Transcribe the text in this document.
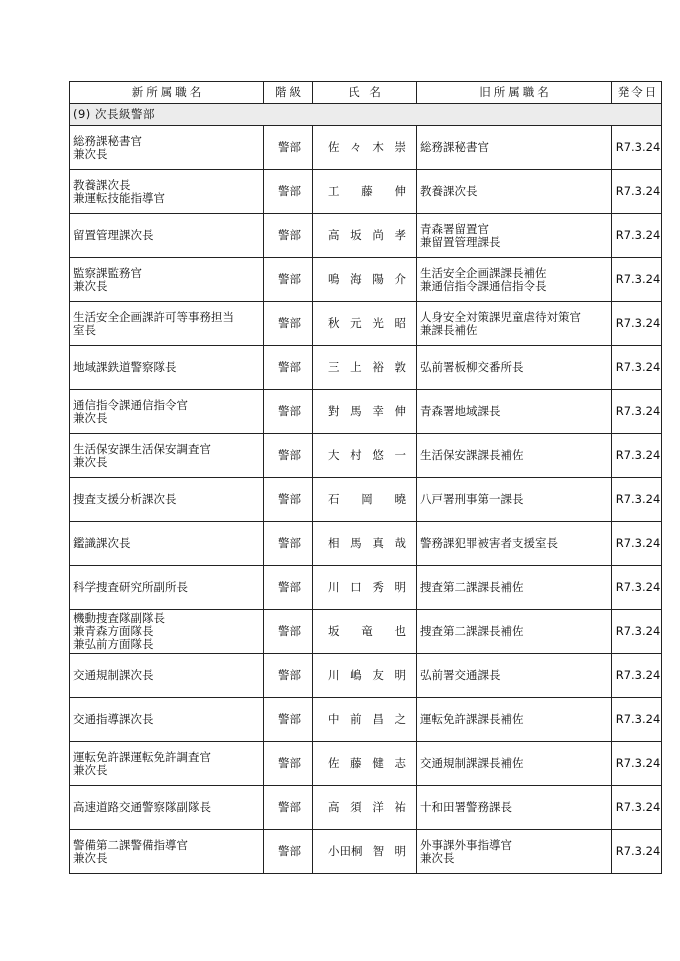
新所属職名	階級	氏 名	旧所属職名	発令日
(9) 次長級警部				

総務課秘書官
兼次長	警部	佐 々 木 崇	総務課秘書官	R7.3.24

教養課次長
兼運転技能指導官	警部	工 藤 伸	教養課次長	R7.3.24

留置管理課次長	警部	高 坂 尚 孝	青森署留置官
兼留置管理課長	R7.3.24

監察課監務官
兼次長	警部	鳴 海 陽 介	生活安全企画課課長補佐
兼通信指令課通信指令長	R7.3.24

生活安全企画課許可等事務担当
室長	警部	秋 元 光 昭	人身安全対策課児童虐待対策官
兼課長補佐	R7.3.24

地域課鉄道警察隊長	警部	三 上 裕 敦	弘前署板柳交番所長	R7.3.24

通信指令課通信指令官
兼次長	警部	對 馬 幸 伸	青森署地域課長	R7.3.24

生活保安課生活保安調査官
兼次長	警部	大 村 悠 一	生活保安課課長補佐	R7.3.24

捜査支援分析課次長	警部	石 岡 曉	八戸署刑事第一課長	R7.3.24

鑑識課次長	警部	相 馬 真 哉	警務課犯罪被害者支援室長	R7.3.24

科学捜査研究所副所長	警部	川 口 秀 明	捜査第二課課長補佐	R7.3.24

機動捜査隊副隊長
兼青森方面隊長
兼弘前方面隊長	警部	坂 竜 也	捜査第二課課長補佐	R7.3.24

交通規制課次長	警部	川 嶋 友 明	弘前署交通課長	R7.3.24

交通指導課次長	警部	中 前 昌 之	運転免許課課長補佐	R7.3.24

運転免許課運転免許調査官
兼次長	警部	佐 藤 健 志	交通規制課課長補佐	R7.3.24

高速道路交通警察隊副隊長	警部	高 須 洋 祐	十和田署警務課長	R7.3.24

警備第二課警備指導官
兼次長	警部	小田桐 智 明	外事課外事指導官
兼次長	R7.3.24
